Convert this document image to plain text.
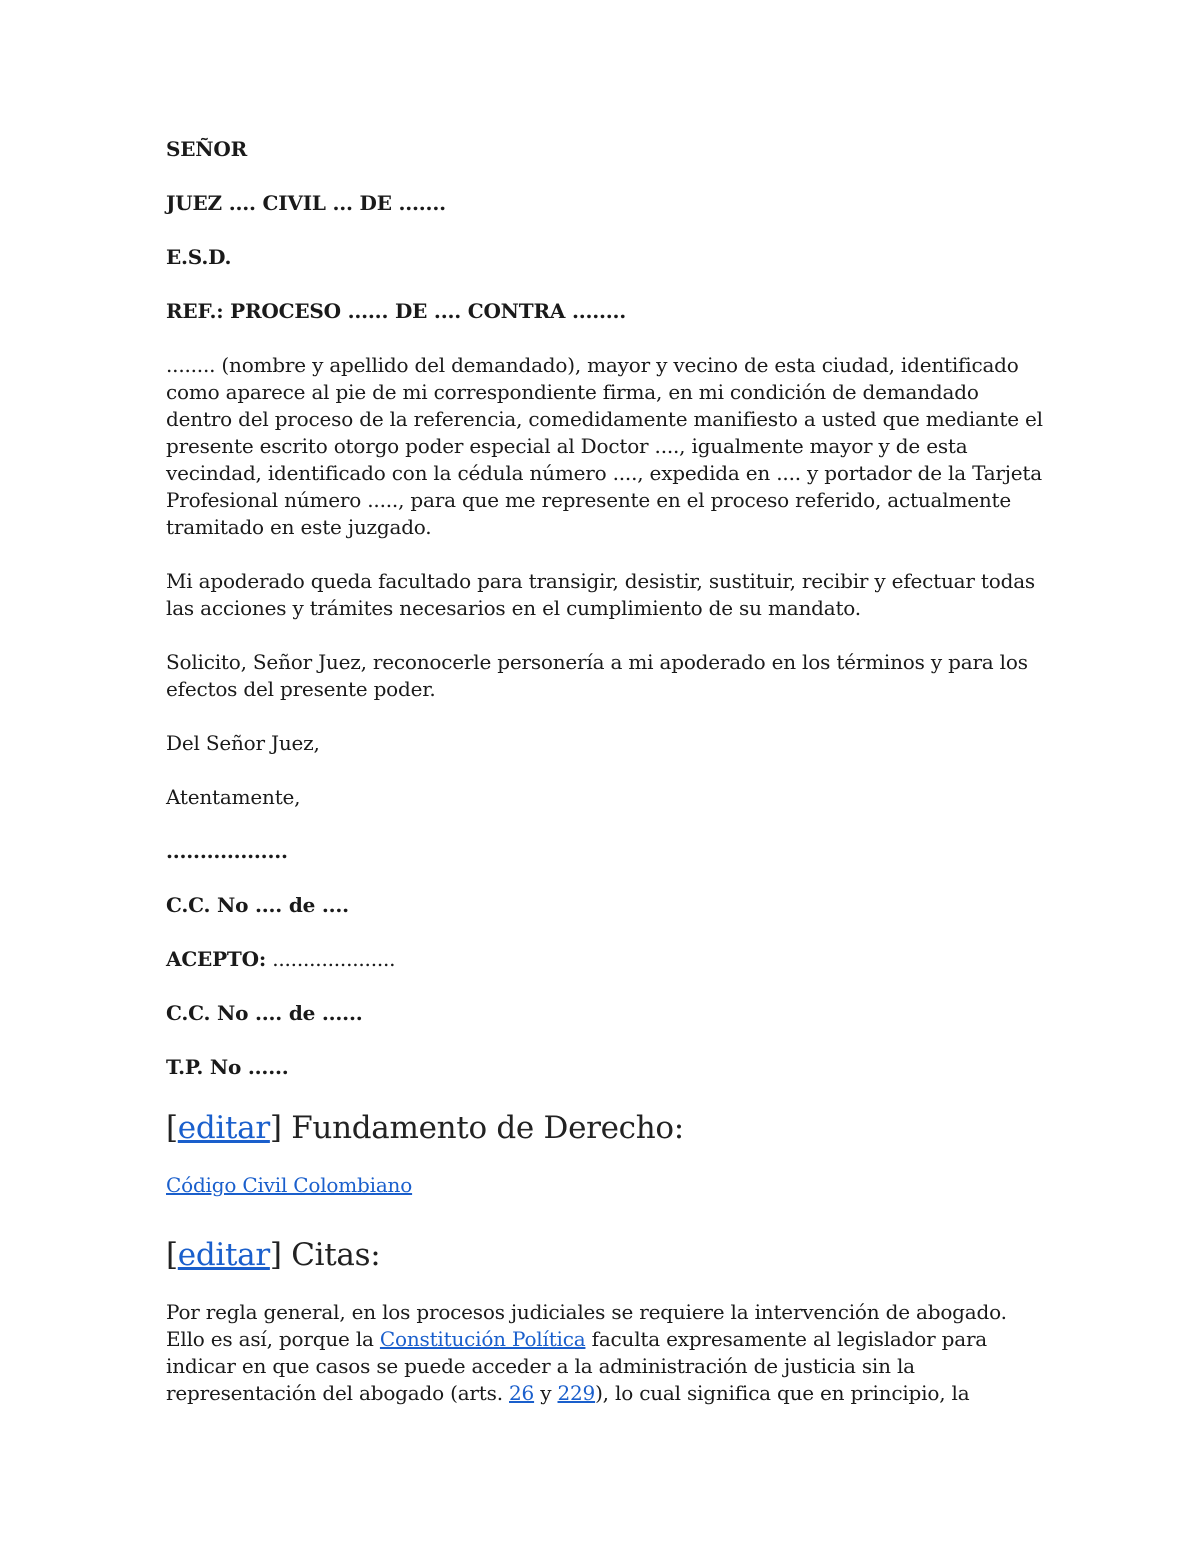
SEÑOR

JUEZ .... CIVIL ... DE .......

E.S.D.

REF.: PROCESO ...... DE .... CONTRA ........

........ (nombre y apellido del demandado), mayor y vecino de esta ciudad, identificado como aparece al pie de mi correspondiente firma, en mi condición de demandado dentro del proceso de la referencia, comedidamente manifiesto a usted que mediante el presente escrito otorgo poder especial al Doctor ...., igualmente mayor y de esta vecindad, identificado con la cédula número ...., expedida en .... y portador de la Tarjeta Profesional número ....., para que me represente en el proceso referido, actualmente tramitado en este juzgado.

Mi apoderado queda facultado para transigir, desistir, sustituir, recibir y efectuar todas las acciones y trámites necesarios en el cumplimiento de su mandato.

Solicito, Señor Juez, reconocerle personería a mi apoderado en los términos y para los efectos del presente poder.

Del Señor Juez,

Atentamente,

..................

C.C. No .... de ....

ACEPTO: ....................

C.C. No .... de ......

T.P. No ......

[editar] Fundamento de Derecho:

Código Civil Colombiano

[editar] Citas:

Por regla general, en los procesos judiciales se requiere la intervención de abogado. Ello es así, porque la Constitución Política faculta expresamente al legislador para indicar en que casos se puede acceder a la administración de justicia sin la representación del abogado (arts. 26 y 229), lo cual significa que en principio, la
